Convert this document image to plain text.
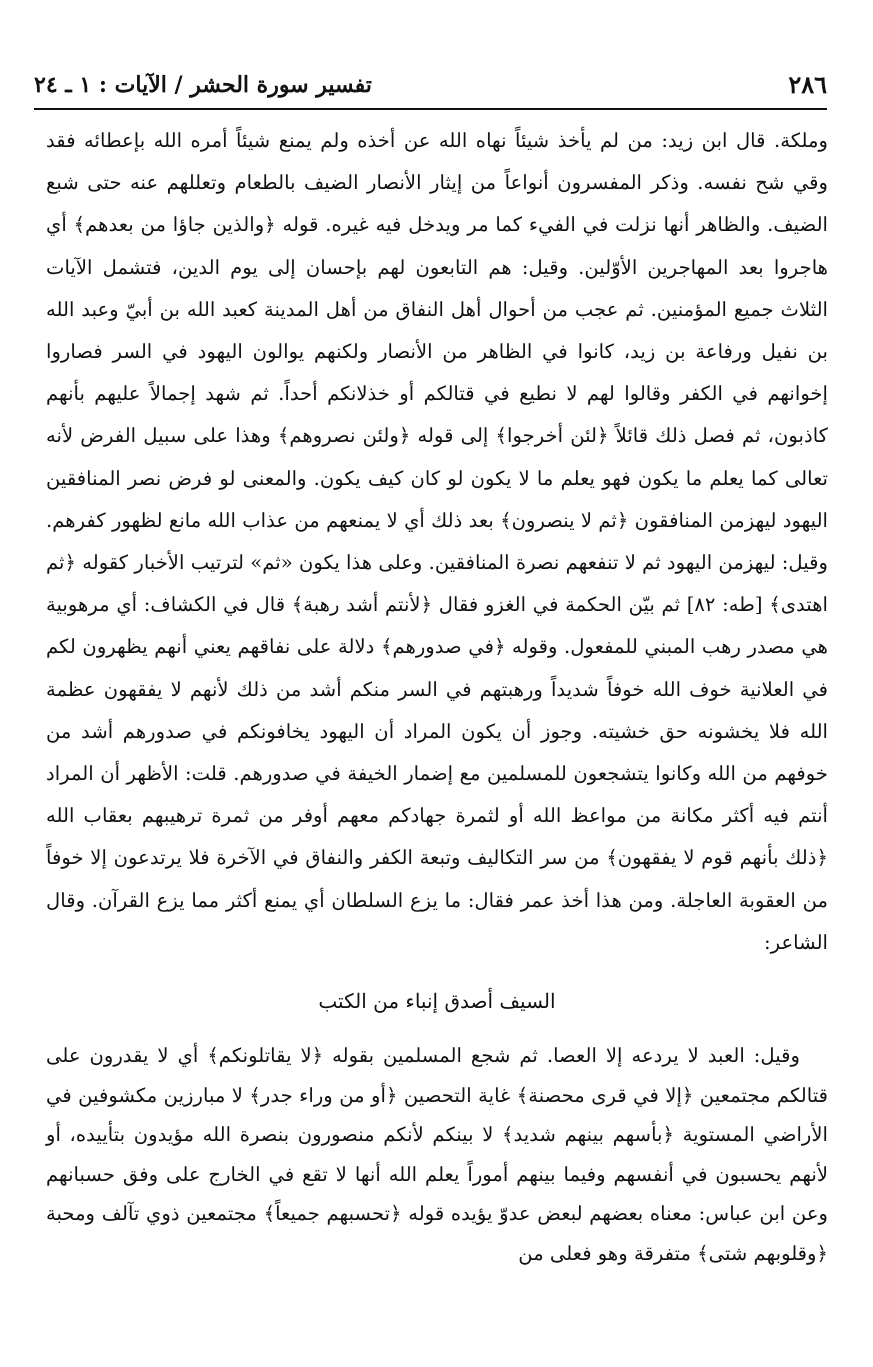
٢٨٦
تفسير سورة الحشر / الآيات : ١ ـ ٢٤

وملكة. قال ابن زيد: من لم يأخذ شيئاً نهاه الله عن أخذه ولم يمنع شيئاً أمره الله بإعطائه فقد وقي شح نفسه. وذكر المفسرون أنواعاً من إيثار الأنصار الضيف بالطعام وتعللهم عنه حتى شبع الضيف. والظاهر أنها نزلت في الفيء كما مر ويدخل فيه غيره. قوله ﴿والذين جاؤا من بعدهم﴾ أي هاجروا بعد المهاجرين الأوّلين. وقيل: هم التابعون لهم بإحسان إلى يوم الدين، فتشمل الآيات الثلاث جميع المؤمنين. ثم عجب من أحوال أهل النفاق من أهل المدينة كعبد الله بن أبيّ وعبد الله بن نفيل ورفاعة بن زيد، كانوا في الظاهر من الأنصار ولكنهم يوالون اليهود في السر فصاروا إخوانهم في الكفر وقالوا لهم لا نطيع في قتالكم أو خذلانكم أحداً. ثم شهد إجمالاً عليهم بأنهم كاذبون، ثم فصل ذلك قائلاً ﴿لئن أخرجوا﴾ إلى قوله ﴿ولئن نصروهم﴾ وهذا على سبيل الفرض لأنه تعالى كما يعلم ما يكون فهو يعلم ما لا يكون لو كان كيف يكون. والمعنى لو فرض نصر المنافقين اليهود ليهزمن المنافقون ﴿ثم لا ينصرون﴾ بعد ذلك أي لا يمنعهم من عذاب الله مانع لظهور كفرهم. وقيل: ليهزمن اليهود ثم لا تنفعهم نصرة المنافقين. وعلى هذا يكون «ثم» لترتيب الأخبار كقوله ﴿ثم اهتدى﴾ [طه: ٨٢] ثم بيّن الحكمة في الغزو فقال ﴿لأنتم أشد رهبة﴾ قال في الكشاف: أي مرهوبية هي مصدر رهب المبني للمفعول. وقوله ﴿في صدورهم﴾ دلالة على نفاقهم يعني أنهم يظهرون لكم في العلانية خوف الله خوفاً شديداً ورهبتهم في السر منكم أشد من ذلك لأنهم لا يفقهون عظمة الله فلا يخشونه حق خشيته. وجوز أن يكون المراد أن اليهود يخافونكم في صدورهم أشد من خوفهم من الله وكانوا يتشجعون للمسلمين مع إضمار الخيفة في صدورهم. قلت: الأظهر أن المراد أنتم فيه أكثر مكانة من مواعظ الله أو لثمرة جهادكم معهم أوفر من ثمرة ترهيبهم بعقاب الله ﴿ذلك بأنهم قوم لا يفقهون﴾ من سر التكاليف وتبعة الكفر والنفاق في الآخرة فلا يرتدعون إلا خوفاً من العقوبة العاجلة. ومن هذا أخذ عمر فقال: ما يزع السلطان أي يمنع أكثر مما يزع القرآن. وقال الشاعر:

السيف أصدق إنباء من الكتب

وقيل: العبد لا يردعه إلا العصا. ثم شجع المسلمين بقوله ﴿لا يقاتلونكم﴾ أي لا يقدرون على قتالكم مجتمعين ﴿إلا في قرى محصنة﴾ غاية التحصين ﴿أو من وراء جدر﴾ لا مبارزين مكشوفين في الأراضي المستوية ﴿بأسهم بينهم شديد﴾ لا بينكم لأنكم منصورون بنصرة الله مؤيدون بتأييده، أو لأنهم يحسبون في أنفسهم وفيما بينهم أموراً يعلم الله أنها لا تقع في الخارج على وفق حسبانهم وعن ابن عباس: معناه بعضهم لبعض عدوّ يؤيده قوله ﴿تحسبهم جميعاً﴾ مجتمعين ذوي تآلف ومحبة ﴿وقلوبهم شتى﴾ متفرقة وهو فعلى من
